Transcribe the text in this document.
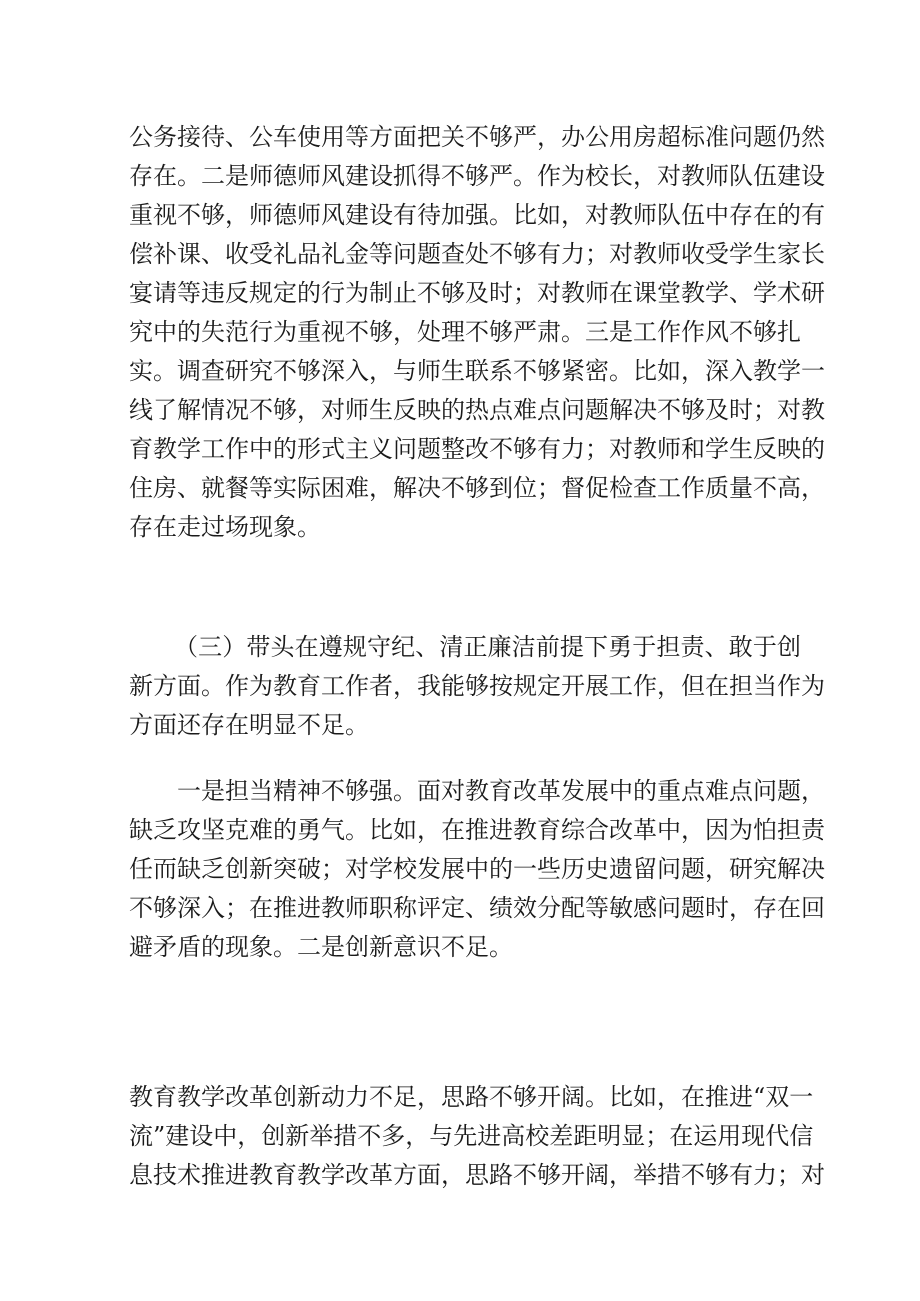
公务接待、公车使用等方面把关不够严，办公用房超标准问题仍然
存在。二是师德师风建设抓得不够严。作为校长，对教师队伍建设
重视不够，师德师风建设有待加强。比如，对教师队伍中存在的有
偿补课、收受礼品礼金等问题查处不够有力；对教师收受学生家长
宴请等违反规定的行为制止不够及时；对教师在课堂教学、学术研
究中的失范行为重视不够，处理不够严肃。三是工作作风不够扎
实。调查研究不够深入，与师生联系不够紧密。比如，深入教学一
线了解情况不够，对师生反映的热点难点问题解决不够及时；对教
育教学工作中的形式主义问题整改不够有力；对教师和学生反映的
住房、就餐等实际困难，解决不够到位；督促检查工作质量不高，
存在走过场现象。
（三）带头在遵规守纪、清正廉洁前提下勇于担责、敢于创
新方面。作为教育工作者，我能够按规定开展工作，但在担当作为
方面还存在明显不足。
一是担当精神不够强。面对教育改革发展中的重点难点问题，
缺乏攻坚克难的勇气。比如，在推进教育综合改革中，因为怕担责
任而缺乏创新突破；对学校发展中的一些历史遗留问题，研究解决
不够深入；在推进教师职称评定、绩效分配等敏感问题时，存在回
避矛盾的现象。二是创新意识不足。
教育教学改革创新动力不足，思路不够开阔。比如，在推进“双一
流”建设中，创新举措不多，与先进高校差距明显；在运用现代信
息技术推进教育教学改革方面，思路不够开阔，举措不够有力；对
